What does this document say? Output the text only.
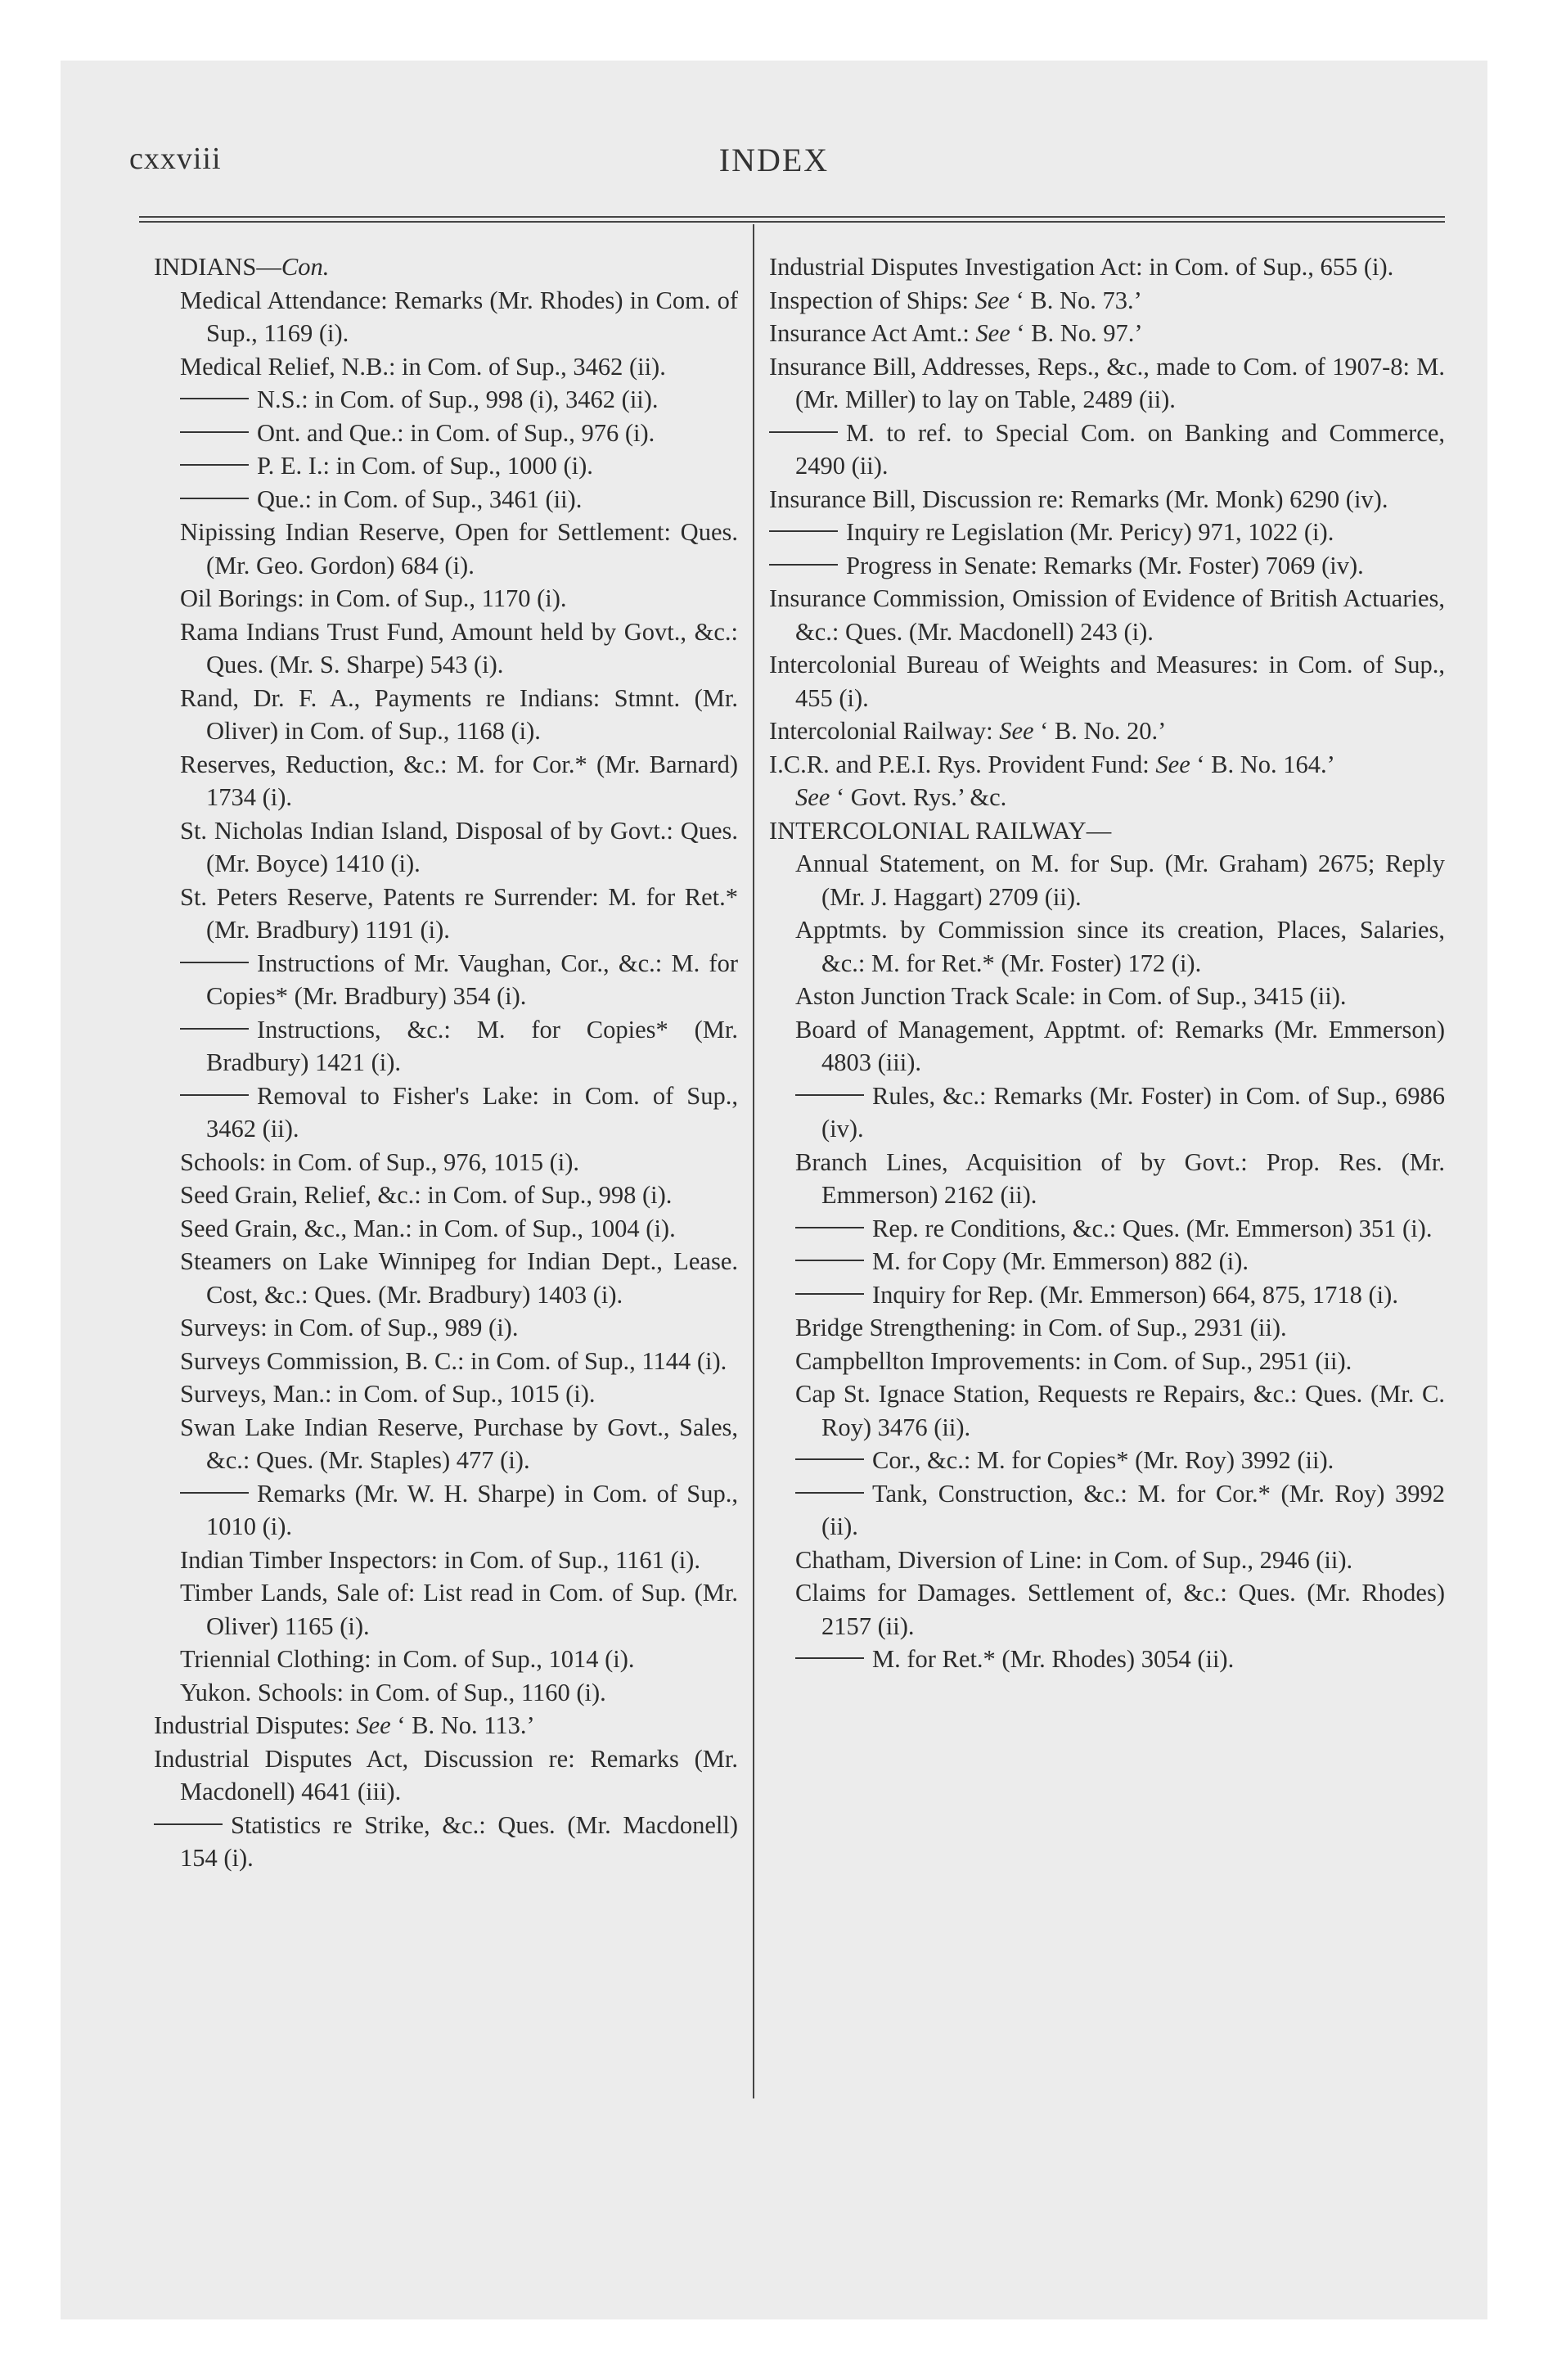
cxxviii	INDEX
INDIANS—Con.
Medical Attendance: Remarks (Mr. Rhodes) in Com. of Sup., 1169 (i).
Medical Relief, N.B.: in Com. of Sup., 3462 (ii).
N.S.: in Com. of Sup., 998 (i), 3462 (ii).
Ont. and Que.: in Com. of Sup., 976 (i).
P. E. I.: in Com. of Sup., 1000 (i).
Que.: in Com. of Sup., 3461 (ii).
Nipissing Indian Reserve, Open for Settlement: Ques. (Mr. Geo. Gordon) 684 (i).
Oil Borings: in Com. of Sup., 1170 (i).
Rama Indians Trust Fund, Amount held by Govt., &c.: Ques. (Mr. S. Sharpe) 543 (i).
Rand, Dr. F. A., Payments re Indians: Stmnt. (Mr. Oliver) in Com. of Sup., 1168 (i).
Reserves, Reduction, &c.: M. for Cor.* (Mr. Barnard) 1734 (i).
St. Nicholas Indian Island, Disposal of by Govt.: Ques. (Mr. Boyce) 1410 (i).
St. Peters Reserve, Patents re Surrender: M. for Ret.* (Mr. Bradbury) 1191 (i).
Instructions of Mr. Vaughan, Cor., &c.: M. for Copies* (Mr. Bradbury) 354 (i).
Instructions, &c.: M. for Copies* (Mr. Bradbury) 1421 (i).
Removal to Fisher's Lake: in Com. of Sup., 3462 (ii).
Schools: in Com. of Sup., 976, 1015 (i).
Seed Grain, Relief, &c.: in Com. of Sup., 998 (i).
Seed Grain, &c., Man.: in Com. of Sup., 1004 (i).
Steamers on Lake Winnipeg for Indian Dept., Lease. Cost, &c.: Ques. (Mr. Bradbury) 1403 (i).
Surveys: in Com. of Sup., 989 (i).
Surveys Commission, B. C.: in Com. of Sup., 1144 (i).
Surveys, Man.: in Com. of Sup., 1015 (i).
Swan Lake Indian Reserve, Purchase by Govt., Sales, &c.: Ques. (Mr. Staples) 477 (i).
Remarks (Mr. W. H. Sharpe) in Com. of Sup., 1010 (i).
Indian Timber Inspectors: in Com. of Sup., 1161 (i).
Timber Lands, Sale of: List read in Com. of Sup. (Mr. Oliver) 1165 (i).
Triennial Clothing: in Com. of Sup., 1014 (i).
Yukon. Schools: in Com. of Sup., 1160 (i).
Industrial Disputes: See ‘ B. No. 113.’
Industrial Disputes Act, Discussion re: Remarks (Mr. Macdonell) 4641 (iii).
Statistics re Strike, &c.: Ques. (Mr. Macdonell) 154 (i).
Industrial Disputes Investigation Act: in Com. of Sup., 655 (i).
Inspection of Ships: See ‘ B. No. 73.’
Insurance Act Amt.: See ‘ B. No. 97.’
Insurance Bill, Addresses, Reps., &c., made to Com. of 1907-8: M. (Mr. Miller) to lay on Table, 2489 (ii).
M. to ref. to Special Com. on Banking and Commerce, 2490 (ii).
Insurance Bill, Discussion re: Remarks (Mr. Monk) 6290 (iv).
Inquiry re Legislation (Mr. Pericy) 971, 1022 (i).
Progress in Senate: Remarks (Mr. Foster) 7069 (iv).
Insurance Commission, Omission of Evidence of British Actuaries, &c.: Ques. (Mr. Macdonell) 243 (i).
Intercolonial Bureau of Weights and Measures: in Com. of Sup., 455 (i).
Intercolonial Railway: See ‘ B. No. 20.’
I.C.R. and P.E.I. Rys. Provident Fund: See ‘ B. No. 164.’
See ‘ Govt. Rys.’ &c.
INTERCOLONIAL RAILWAY—
Annual Statement, on M. for Sup. (Mr. Graham) 2675; Reply (Mr. J. Haggart) 2709 (ii).
Apptmts. by Commission since its creation, Places, Salaries, &c.: M. for Ret.* (Mr. Foster) 172 (i).
Aston Junction Track Scale: in Com. of Sup., 3415 (ii).
Board of Management, Apptmt. of: Remarks (Mr. Emmerson) 4803 (iii).
Rules, &c.: Remarks (Mr. Foster) in Com. of Sup., 6986 (iv).
Branch Lines, Acquisition of by Govt.: Prop. Res. (Mr. Emmerson) 2162 (ii).
Rep. re Conditions, &c.: Ques. (Mr. Emmerson) 351 (i).
M. for Copy (Mr. Emmerson) 882 (i).
Inquiry for Rep. (Mr. Emmerson) 664, 875, 1718 (i).
Bridge Strengthening: in Com. of Sup., 2931 (ii).
Campbellton Improvements: in Com. of Sup., 2951 (ii).
Cap St. Ignace Station, Requests re Repairs, &c.: Ques. (Mr. C. Roy) 3476 (ii).
Cor., &c.: M. for Copies* (Mr. Roy) 3992 (ii).
Tank, Construction, &c.: M. for Cor.* (Mr. Roy) 3992 (ii).
Chatham, Diversion of Line: in Com. of Sup., 2946 (ii).
Claims for Damages. Settlement of, &c.: Ques. (Mr. Rhodes) 2157 (ii).
M. for Ret.* (Mr. Rhodes) 3054 (ii).
